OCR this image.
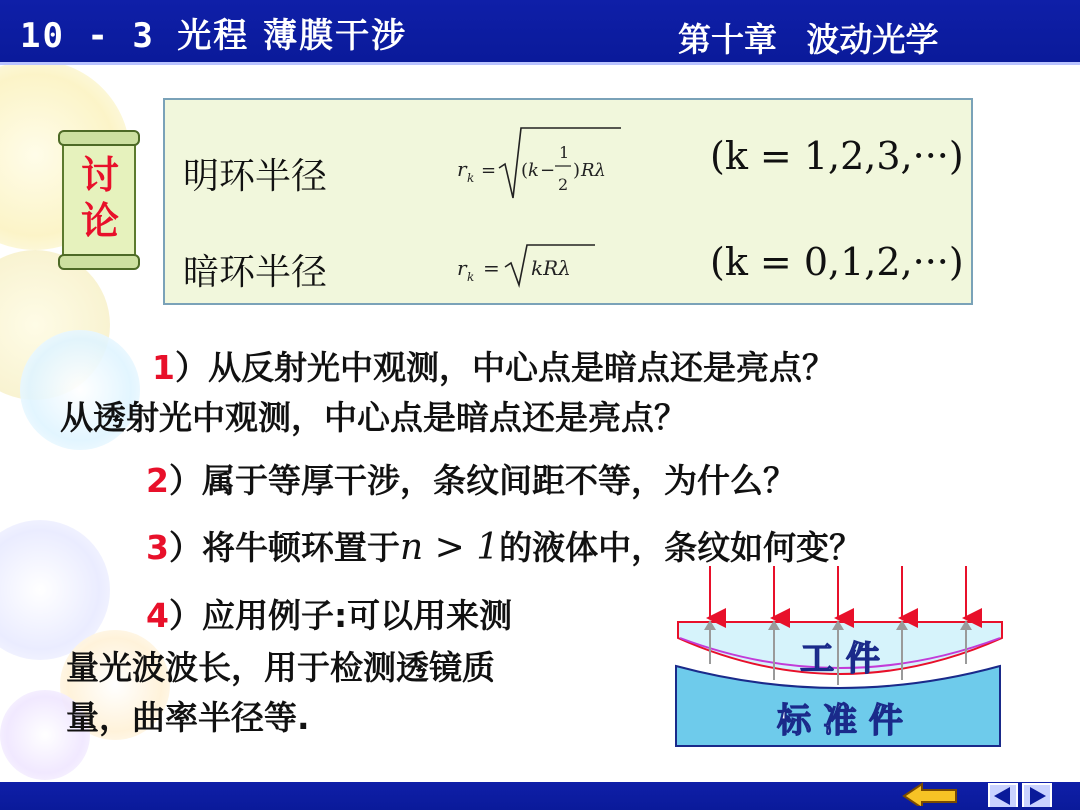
10 - 3 光程 薄膜干涉	第十章 波动光学
讨
论
明环半径	r k = ( k −
1
2
) Rλ	(k = 1,2,3,···)
暗环半径	r k = kRλ	(k = 0,1,2,···)
1）从反射光中观测，中心点是暗点还是亮点？
从透射光中观测，中心点是暗点还是亮点？
2）属于等厚干涉，条纹间距不等，为什么？
3）将牛顿环置于n > 1的液体中，条纹如何变？
4）应用例子:可以用来测
量光波波长，用于检测透镜质
量，曲率半径等.
工 件
标 准 件
